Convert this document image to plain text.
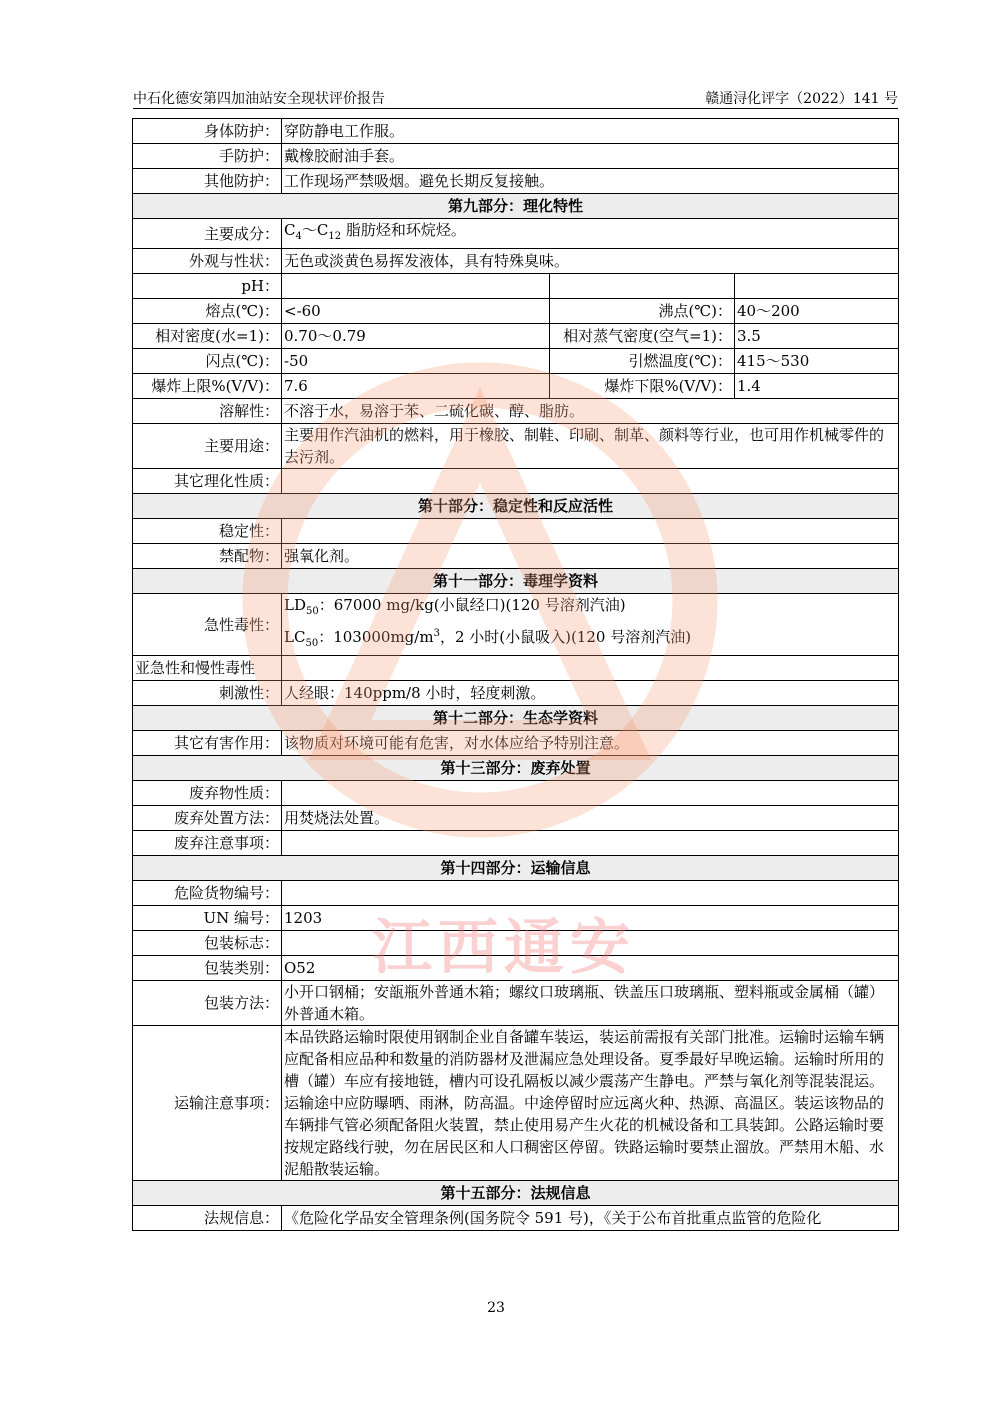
中石化德安第四加油站安全现状评价报告	赣通浔化评字（2022）141 号
身体防护：	穿防静电工作服。		
手防护：	戴橡胶耐油手套。		
其他防护：	工作现场严禁吸烟。避免长期反复接触。		
第九部分：理化特性			
主要成分：	$C_4\sim C_{12}$ 脂肪烃和环烷烃。		
外观与性状：	无色或淡黄色易挥发液体，具有特殊臭味。		
pH：			
熔点(℃)：	<-60	沸点(℃)：	40～200
相对密度(水=1)：	0.70～0.79	相对蒸气密度(空气=1)：	3.5
闪点(℃)：	-50	引燃温度(℃)：	415～530
爆炸上限%(V/V)：	7.6	爆炸下限%(V/V)：	1.4
溶解性：	不溶于水，易溶于苯、二硫化碳、醇、脂肪。		
主要用途：	主要用作汽油机的燃料，用于橡胶、制鞋、印刷、制革、颜料等行业，也可用作机械零件的去污剂。		
其它理化性质：			
第十部分：稳定性和反应活性			
稳定性：			
禁配物：	强氧化剂。		
第十一部分：毒理学资料			
急性毒性：	$LD_{50}$：67000 mg/kg(小鼠经口)(120 号溶剂汽油)
$LC_{50}$：$103000mg/m^3$，2 小时(小鼠吸入)(120 号溶剂汽油)		

亚急性和慢性毒性			
刺激性：	人经眼：140ppm/8 小时，轻度刺激。		
第十二部分：生态学资料			
其它有害作用：	该物质对环境可能有危害，对水体应给予特别注意。		
第十三部分：废弃处置			
废弃物性质：			
废弃处置方法：	用焚烧法处置。		
废弃注意事项：			
第十四部分：运输信息			
危险货物编号：			
UN 编号：	1203		
包装标志：			
包装类别：	O52		
包装方法：	小开口钢桶；安瓿瓶外普通木箱；螺纹口玻璃瓶、铁盖压口玻璃瓶、塑料瓶或金属桶（罐）外普通木箱。		
运输注意事项：	本品铁路运输时限使用钢制企业自备罐车装运，装运前需报有关部门批准。运输时运输车辆应配备相应品种和数量的消防器材及泄漏应急处理设备。夏季最好早晚运输。运输时所用的槽（罐）车应有接地链，槽内可设孔隔板以减少震荡产生静电。严禁与氧化剂等混装混运。运输途中应防曝晒、雨淋，防高温。中途停留时应远离火种、热源、高温区。装运该物品的车辆排气管必须配备阻火装置，禁止使用易产生火花的机械设备和工具装卸。公路运输时要按规定路线行驶，勿在居民区和人口稠密区停留。铁路运输时要禁止溜放。严禁用木船、水泥船散装运输。		
第十五部分：法规信息			
法规信息：	《危险化学品安全管理条例(国务院令 591 号)，《关于公布首批重点监管的危险化		
江西通安
23
